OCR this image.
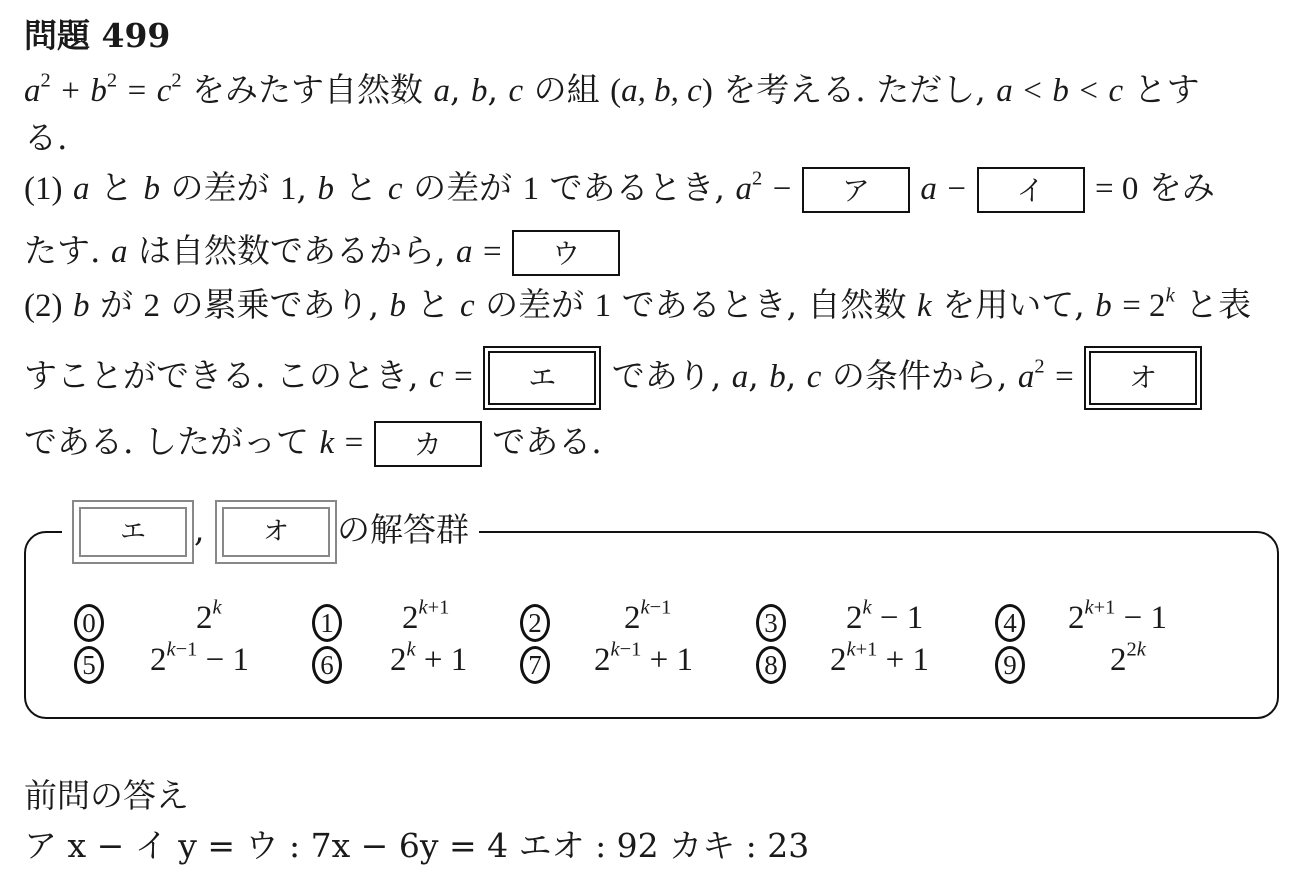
問題 499
$a^2 + b^2 = c^2$ をみたす自然数 a, b, c の組 (a, b, c) を考える. ただし, a < b < c とす
る.
(1) a と b の差が 1, b と c の差が 1 であるとき, $a^2$ − ア a − イ = 0 をみ
たす. a は自然数であるから, a = ウ
(2) b が 2 の累乗であり, b と c の差が 1 であるとき, 自然数 k を用いて, $b = 2^k$ と表
すことができる. このとき, c =	エ	であり, a, b, c の条件から, $a^2$ =	オ
である. したがって k = カ である.
エ	,	オ	の解答群
0	2$^k$
1 $2^{k+1}$
2 $2^{k-1}$
3 $2^k - 1$	4 $2^{k+1} - 1$
5 $2^{k-1} - 1$	6 $2^k + 1$	7 $2^{k-1} + 1$	8 $2^{k+1} + 1$	9	$2^{2k}$
前問の答え
ア x − イ y = ウ : 7x − 6y = 4 エオ : 92 カキ : 23
